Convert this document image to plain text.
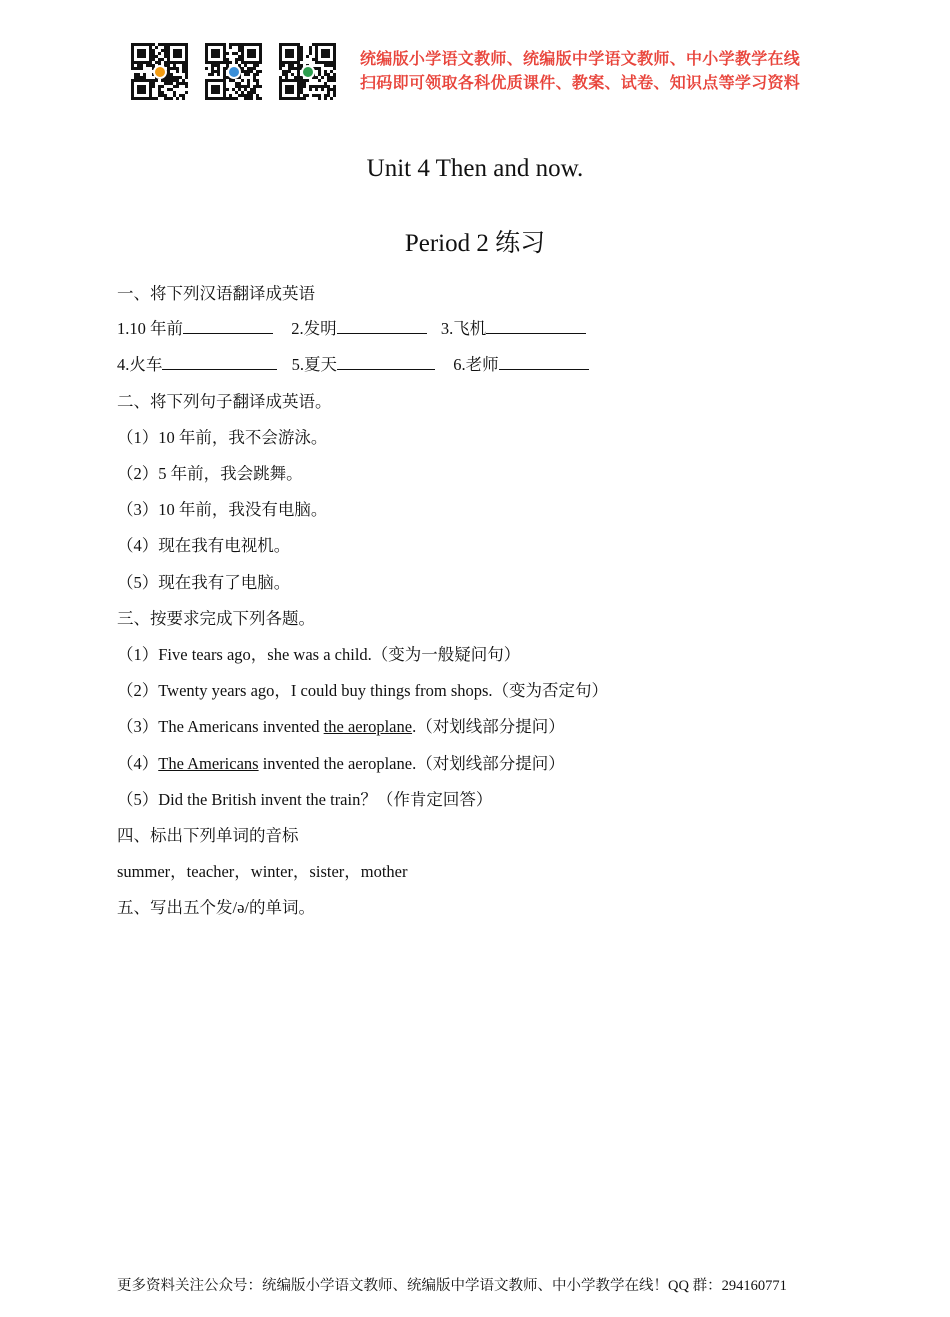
统编版小学语文教师、统编版中学语文教师、中小学教学在线
扫码即可领取各科优质课件、教案、试卷、知识点等学习资料
Unit 4 Then and now.
Period 2 练习
一、将下列汉语翻译成英语
1.10 年前	2.发明	3.飞机
4.火车	5.夏天	6.老师
二、将下列句子翻译成英语。
（1）10 年前，我不会游泳。
（2）5 年前，我会跳舞。
（3）10 年前，我没有电脑。
（4）现在我有电视机。
（5）现在我有了电脑。
三、按要求完成下列各题。
（1）Five tears ago，she was a child.（变为一般疑问句）
（2）Twenty years ago，I could buy things from shops.（变为否定句）
（3）The Americans invented the aeroplane.（对划线部分提问）
（4）The Americans invented the aeroplane.（对划线部分提问）
（5）Did the British invent the train？（作肯定回答）
四、标出下列单词的音标
summer，teacher，winter，sister，mother
五、写出五个发/ə/的单词。
更多资料关注公众号：统编版小学语文教师、统编版中学语文教师、中小学教学在线！QQ 群：294160771
